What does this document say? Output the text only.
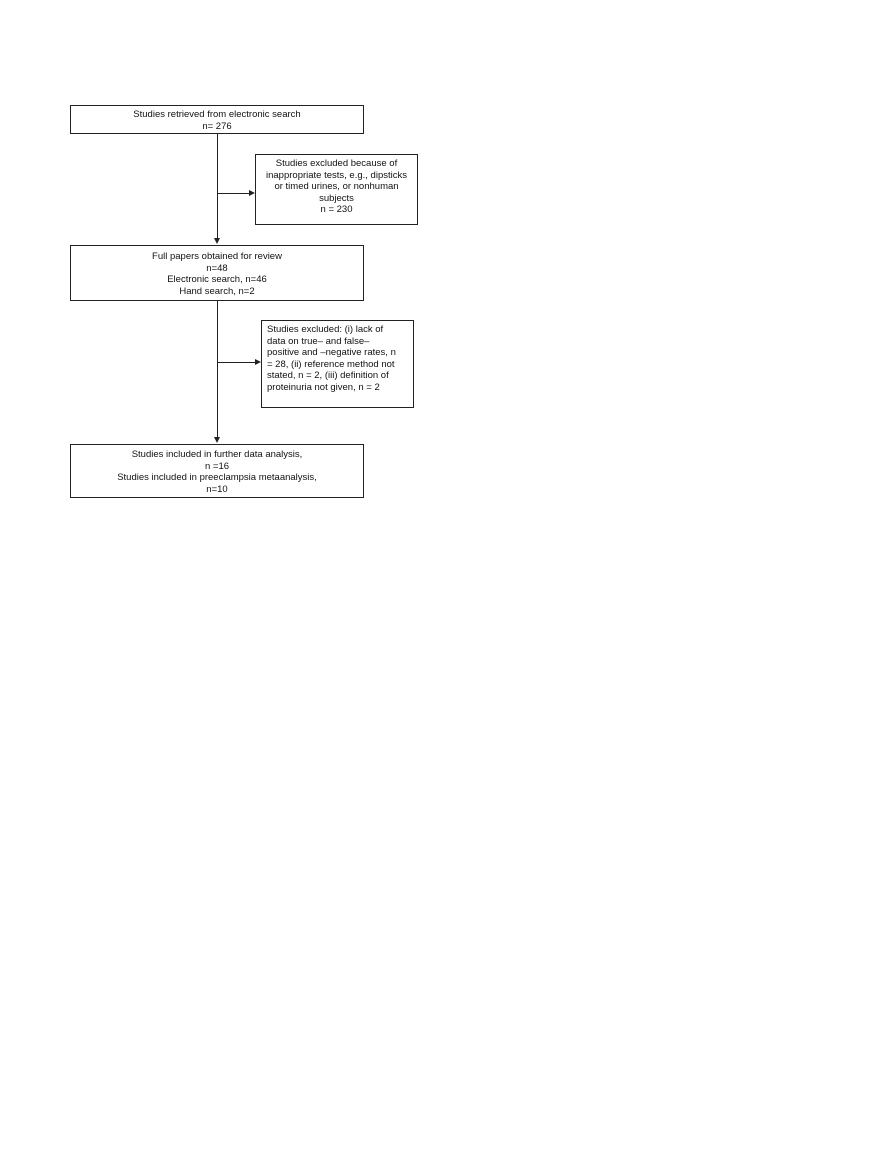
Studies retrieved from electronic search
n= 276
Studies excluded because of
inappropriate tests, e.g., dipsticks
or timed urines, or nonhuman
subjects
n = 230
Full papers obtained for review
n=48
Electronic search, n=46
Hand search, n=2
Studies excluded: (i) lack of
data on true– and false–
positive and –negative rates, n
= 28, (ii) reference method not
stated, n = 2, (iii) definition of
proteinuria not given, n = 2
Studies included in further data analysis,
n =16
Studies included in preeclampsia metaanalysis,
n=10
